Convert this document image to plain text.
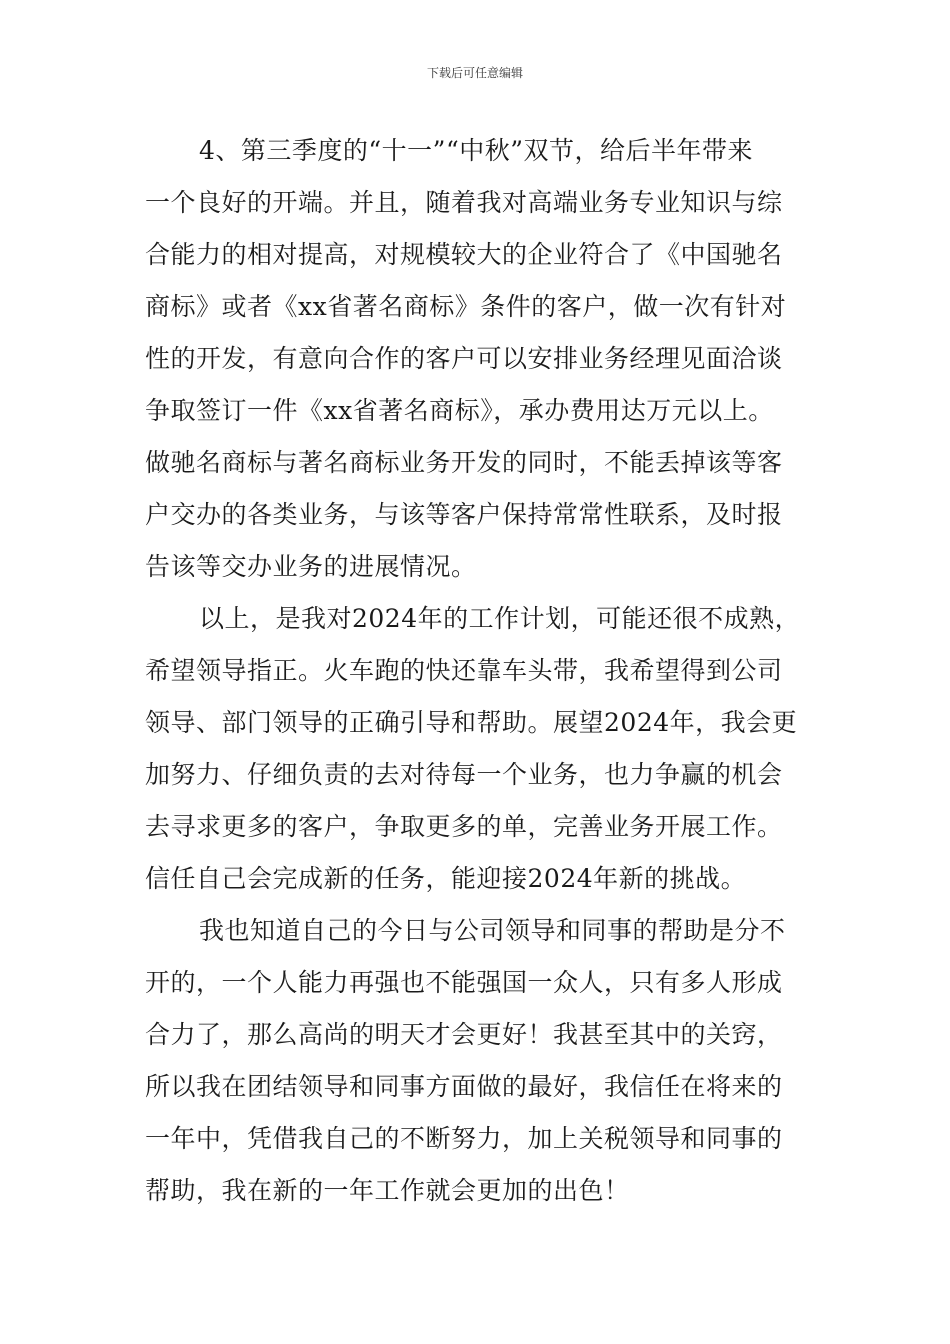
下载后可任意编辑

4、第三季度的“十一”“中秋”双节，给后半年带来
一个良好的开端。并且，随着我对高端业务专业知识与综
合能力的相对提高，对规模较大的企业符合了《中国驰名
商标》或者《xx省著名商标》条件的客户，做一次有针对
性的开发，有意向合作的客户可以安排业务经理见面洽谈
争取签订一件《xx省著名商标》，承办费用达万元以上。
做驰名商标与著名商标业务开发的同时，不能丢掉该等客
户交办的各类业务，与该等客户保持常常性联系，及时报
告该等交办业务的进展情况。

以上，是我对2024年的工作计划，可能还很不成熟，
希望领导指正。火车跑的快还靠车头带，我希望得到公司
领导、部门领导的正确引导和帮助。展望2024年，我会更
加努力、仔细负责的去对待每一个业务，也力争赢的机会
去寻求更多的客户，争取更多的单，完善业务开展工作。
信任自己会完成新的任务，能迎接2024年新的挑战。

我也知道自己的今日与公司领导和同事的帮助是分不
开的，一个人能力再强也不能强国一众人，只有多人形成
合力了，那么高尚的明天才会更好！我甚至其中的关窍，
所以我在团结领导和同事方面做的最好，我信任在将来的
一年中，凭借我自己的不断努力，加上关税领导和同事的
帮助，我在新的一年工作就会更加的出色！
